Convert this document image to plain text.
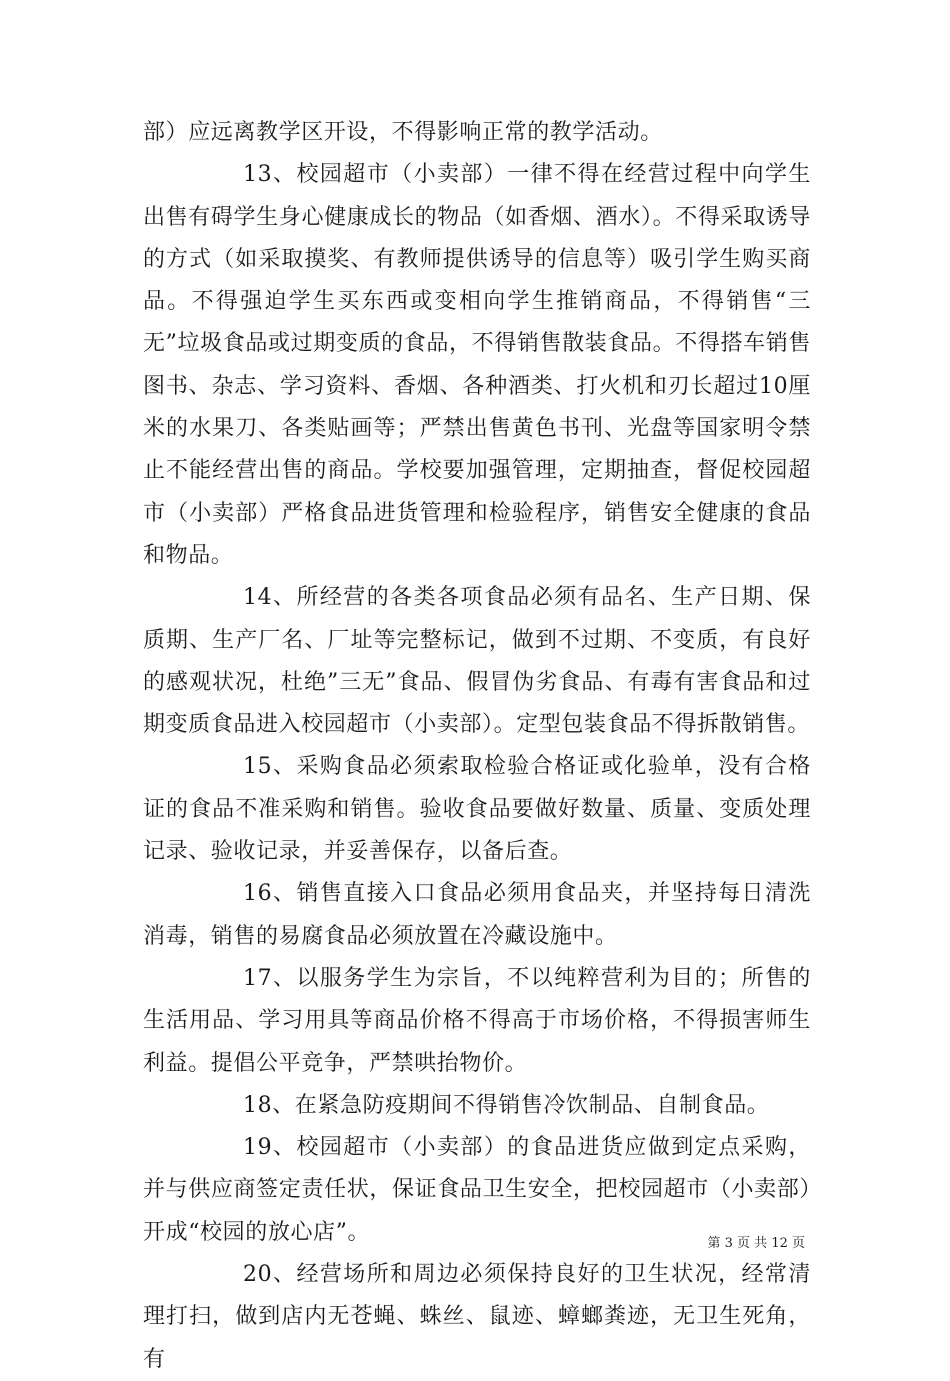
部）应远离教学区开设，不得影响正常的教学活动。

13、校园超市（小卖部）一律不得在经营过程中向学生出售有碍学生身心健康成长的物品（如香烟、酒水）。不得采取诱导的方式（如采取摸奖、有教师提供诱导的信息等）吸引学生购买商品。不得强迫学生买东西或变相向学生推销商品，不得销售“三无”垃圾食品或过期变质的食品，不得销售散装食品。不得搭车销售图书、杂志、学习资料、香烟、各种酒类、打火机和刃长超过10厘米的水果刀、各类贴画等；严禁出售黄色书刊、光盘等国家明令禁止不能经营出售的商品。学校要加强管理，定期抽查，督促校园超市（小卖部）严格食品进货管理和检验程序，销售安全健康的食品和物品。

14、所经营的各类各项食品必须有品名、生产日期、保质期、生产厂名、厂址等完整标记，做到不过期、不变质，有良好的感观状况，杜绝”三无”食品、假冒伪劣食品、有毒有害食品和过期变质食品进入校园超市（小卖部）。定型包装食品不得拆散销售。

15、采购食品必须索取检验合格证或化验单，没有合格证的食品不准采购和销售。验收食品要做好数量、质量、变质处理记录、验收记录，并妥善保存，以备后查。

16、销售直接入口食品必须用食品夹，并坚持每日清洗消毒，销售的易腐食品必须放置在冷藏设施中。

17、以服务学生为宗旨，不以纯粹营利为目的；所售的生活用品、学习用具等商品价格不得高于市场价格，不得损害师生利益。提倡公平竞争，严禁哄抬物价。

18、在紧急防疫期间不得销售冷饮制品、自制食品。

19、校园超市（小卖部）的食品进货应做到定点采购，并与供应商签定责任状，保证食品卫生安全，把校园超市（小卖部）开成“校园的放心店”。

20、经营场所和周边必须保持良好的卫生状况，经常清理打扫，做到店内无苍蝇、蛛丝、鼠迹、蟑螂粪迹，无卫生死角，有

第 3 页 共 12 页
